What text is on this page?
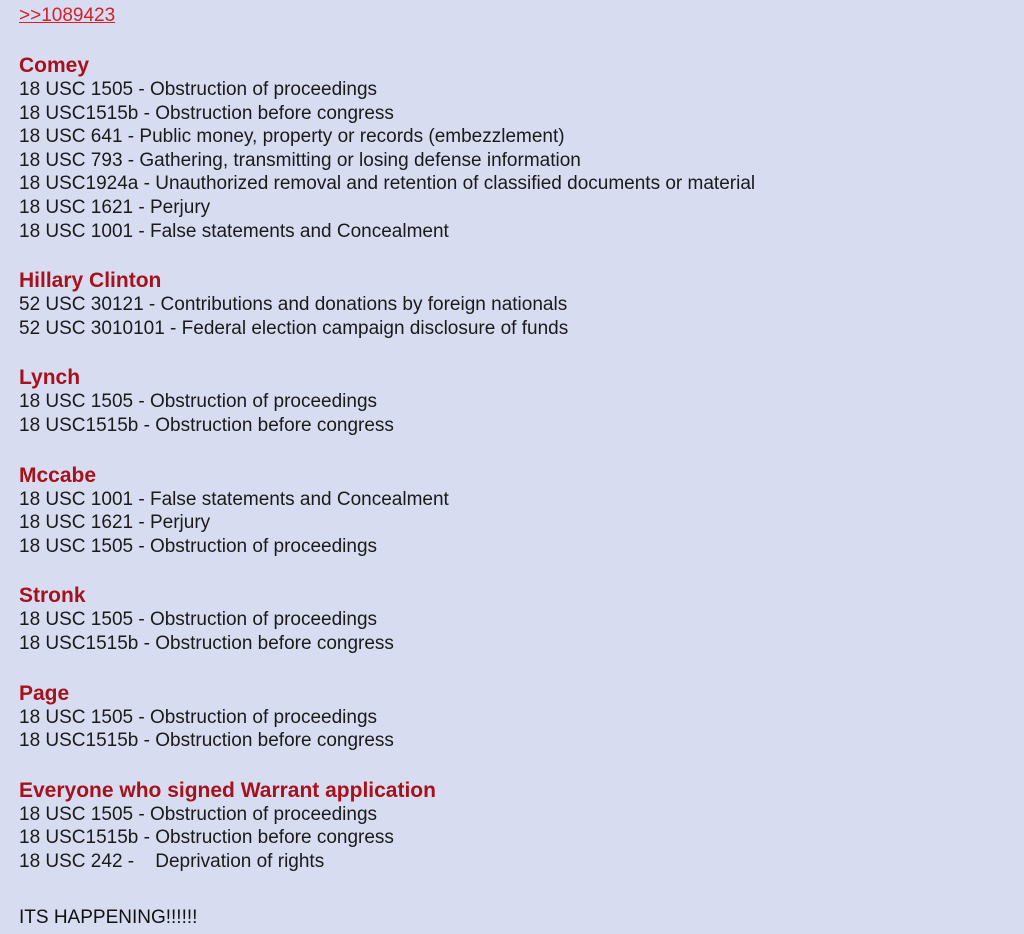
>>1089423
Comey
18 USC 1505 - Obstruction of proceedings
18 USC1515b - Obstruction before congress
18 USC 641 - Public money, property or records (embezzlement)
18 USC 793 - Gathering, transmitting or losing defense information
18 USC1924a - Unauthorized removal and retention of classified documents or material
18 USC 1621 - Perjury
18 USC 1001 - False statements and Concealment
Hillary Clinton
52 USC 30121 - Contributions and donations by foreign nationals
52 USC 3010101 - Federal election campaign disclosure of funds
Lynch
18 USC 1505 - Obstruction of proceedings
18 USC1515b - Obstruction before congress
Mccabe
18 USC 1001 - False statements and Concealment
18 USC 1621 - Perjury
18 USC 1505 - Obstruction of proceedings
Stronk
18 USC 1505 - Obstruction of proceedings
18 USC1515b - Obstruction before congress
Page
18 USC 1505 - Obstruction of proceedings
18 USC1515b - Obstruction before congress
Everyone who signed Warrant application
18 USC 1505 - Obstruction of proceedings
18 USC1515b - Obstruction before congress
18 USC 242 -    Deprivation of rights
ITS HAPPENING!!!!!!
